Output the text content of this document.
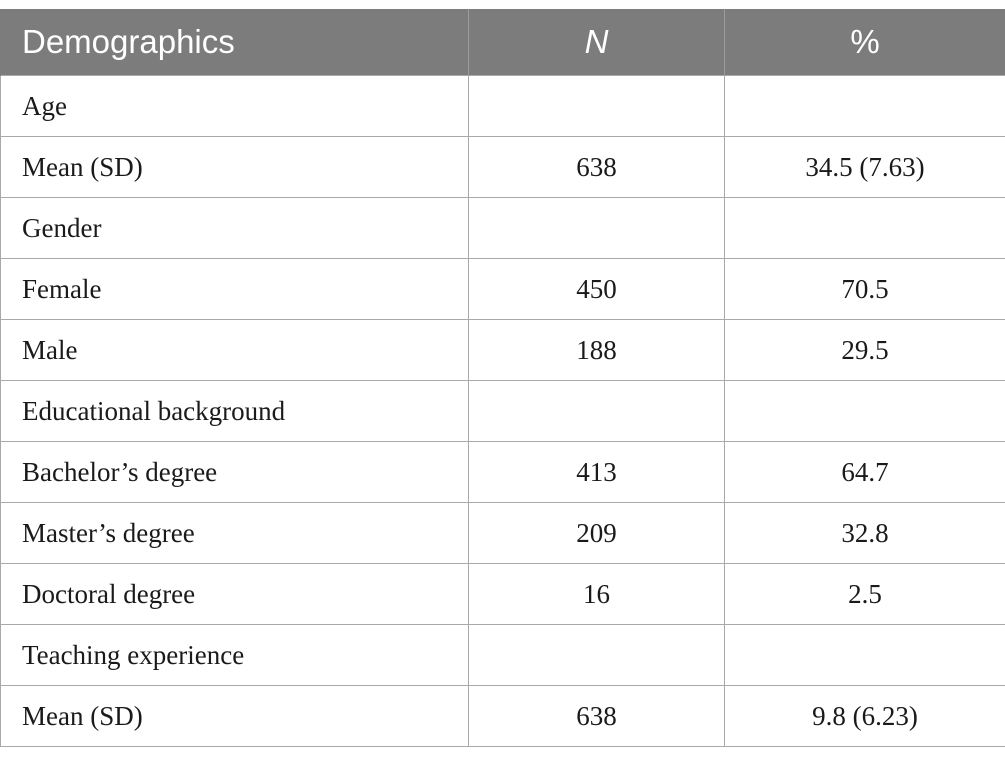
Demographics	N	%
Age		
Mean (SD)	638	34.5 (7.63)
Gender		
Female	450	70.5
Male	188	29.5
Educational background		
Bachelor’s degree	413	64.7
Master’s degree	209	32.8
Doctoral degree	16	2.5
Teaching experience		
Mean (SD)	638	9.8 (6.23)
